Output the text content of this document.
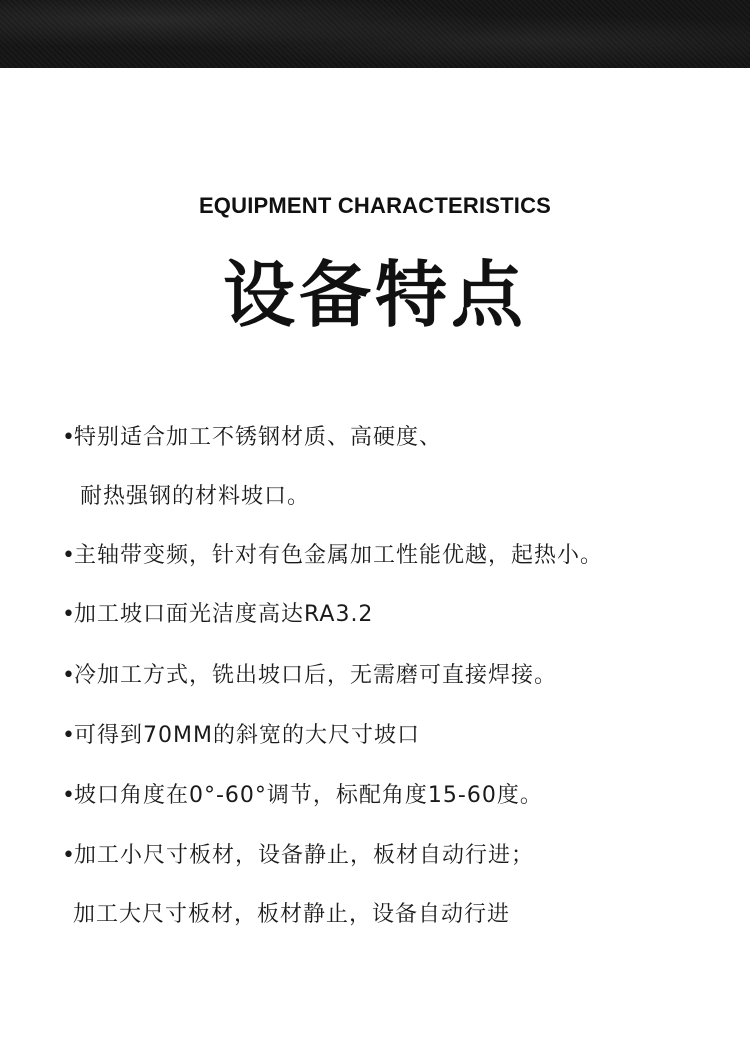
EQUIPMENT CHARACTERISTICS
设备特点
•特别适合加工不锈钢材质、高硬度、
耐热强钢的材料坡口。
•主轴带变频，针对有色金属加工性能优越，起热小。
•加工坡口面光洁度高达RA3.2
•冷加工方式，铣出坡口后，无需磨可直接焊接。
•可得到70MM的斜宽的大尺寸坡口
•坡口角度在0°-60°调节，标配角度15-60度。
•加工小尺寸板材，设备静止，板材自动行进；
加工大尺寸板材，板材静止，设备自动行进
